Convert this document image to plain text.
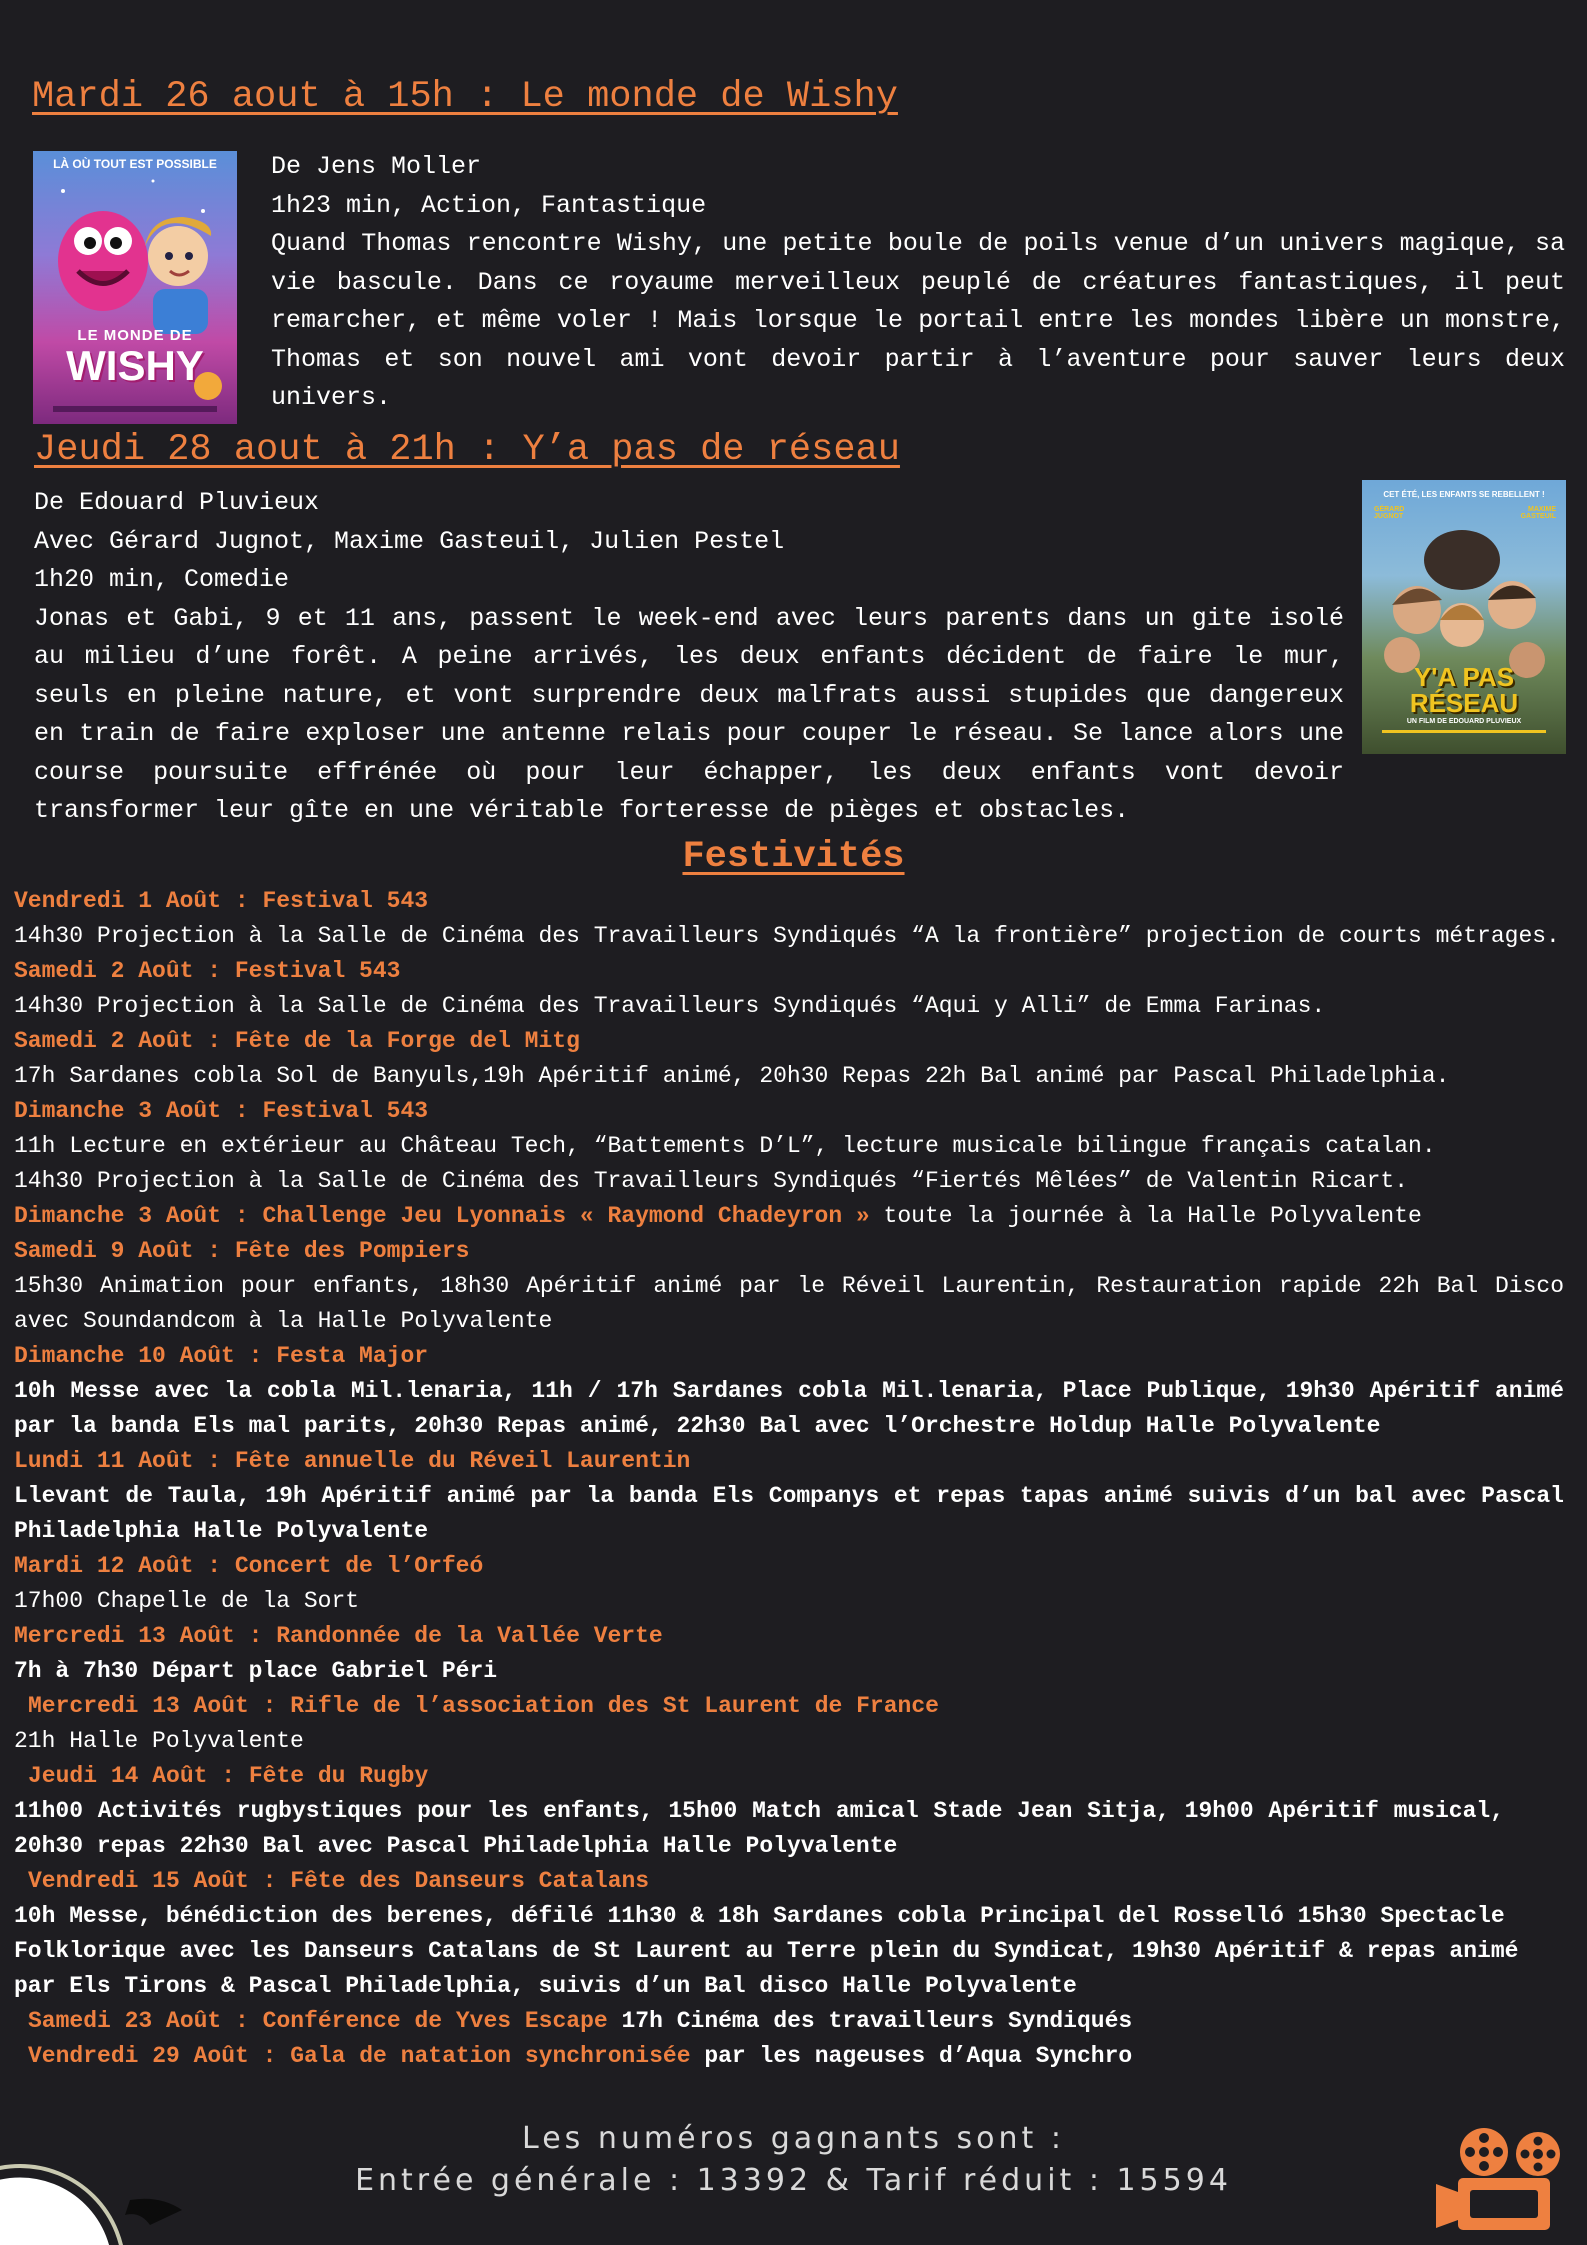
Mardi 26 aout à 15h : Le monde de Wishy
LÀ OÙ TOUT EST POSSIBLE
LE MONDE DE
WISHY
De Jens Moller
1h23 min, Action, Fantastique
Quand Thomas rencontre Wishy, une petite boule de poils venue d’un univers magique, sa vie bascule. Dans ce royaume merveilleux peuplé de créatures fantastiques, il peut remarcher, et même voler ! Mais lorsque le portail entre les mondes libère un monstre, Thomas et son nouvel ami vont devoir partir à l’aventure pour sauver leurs deux univers.
Jeudi 28 aout à 21h : Y’a pas de réseau
De Edouard Pluvieux
Avec Gérard Jugnot, Maxime Gasteuil, Julien Pestel
1h20 min, Comedie
Jonas et Gabi, 9 et 11 ans, passent le week-end avec leurs parents dans un gite isolé au milieu d’une forêt. A peine arrivés, les deux enfants décident de faire le mur, seuls en pleine nature, et vont surprendre deux malfrats aussi stupides que dangereux en train de faire exploser une antenne relais pour couper le réseau. Se lance alors une course poursuite effrénée où pour leur échapper, les deux enfants vont devoir transformer leur gîte en une véritable forteresse de pièges et obstacles.
CET ÉTÉ, LES ENFANTS SE REBELLENT !
GÉRARD JUGNOT
MAXIME GASTEUIL
Y'A PAS
RÉSEAU
UN FILM DE EDOUARD PLUVIEUX
Festivités
Vendredi 1 Août : Festival 543
14h30 Projection à la Salle de Cinéma des Travailleurs Syndiqués “A la frontière” projection de courts métrages.
Samedi 2 Août : Festival 543
14h30 Projection à la Salle de Cinéma des Travailleurs Syndiqués “Aqui y Alli” de Emma Farinas.
Samedi 2 Août : Fête de la Forge del Mitg
17h Sardanes cobla Sol de Banyuls,19h Apéritif animé, 20h30 Repas 22h Bal animé par Pascal Philadelphia.
Dimanche 3 Août : Festival 543
11h Lecture en extérieur au Château Tech, “Battements D’L”, lecture musicale bilingue français catalan.
14h30 Projection à la Salle de Cinéma des Travailleurs Syndiqués “Fiertés Mêlées” de Valentin Ricart.
Dimanche 3 Août : Challenge Jeu Lyonnais « Raymond Chadeyron » toute la journée à la Halle Polyvalente
Samedi 9 Août : Fête des Pompiers
15h30 Animation pour enfants, 18h30 Apéritif animé par le Réveil Laurentin, Restauration rapide 22h Bal Disco avec Soundandcom à la Halle Polyvalente
Dimanche 10 Août : Festa Major
10h Messe avec la cobla Mil.lenaria, 11h / 17h Sardanes cobla Mil.lenaria, Place Publique, 19h30 Apéritif animé par la banda Els mal parits, 20h30 Repas animé, 22h30 Bal avec l’Orchestre Holdup Halle Polyvalente
Lundi 11 Août : Fête annuelle du Réveil Laurentin
Llevant de Taula, 19h Apéritif animé par la banda Els Companys et repas tapas animé suivis d’un bal avec Pascal Philadelphia Halle Polyvalente
Mardi 12 Août : Concert de l’Orfeó
17h00 Chapelle de la Sort
Mercredi 13 Août : Randonnée de la Vallée Verte
7h à 7h30 Départ place Gabriel Péri
Mercredi 13 Août : Rifle de l’association des St Laurent de France
21h Halle Polyvalente
Jeudi 14 Août : Fête du Rugby
11h00 Activités rugbystiques pour les enfants, 15h00 Match amical Stade Jean Sitja, 19h00 Apéritif musical, 20h30 repas 22h30 Bal avec Pascal Philadelphia Halle Polyvalente
Vendredi 15 Août : Fête des Danseurs Catalans
10h Messe, bénédiction des berenes, défilé 11h30 & 18h Sardanes cobla Principal del Rosselló 15h30 Spectacle Folklorique avec les Danseurs Catalans de St Laurent au Terre plein du Syndicat, 19h30 Apéritif & repas animé par Els Tirons & Pascal Philadelphia, suivis d’un Bal disco Halle Polyvalente
Samedi 23 Août : Conférence de Yves Escape 17h Cinéma des travailleurs Syndiqués
Vendredi 29 Août : Gala de natation synchronisée par les nageuses d’Aqua Synchro
Les numéros gagnants sont :
Entrée générale : 13392 & Tarif réduit : 15594
